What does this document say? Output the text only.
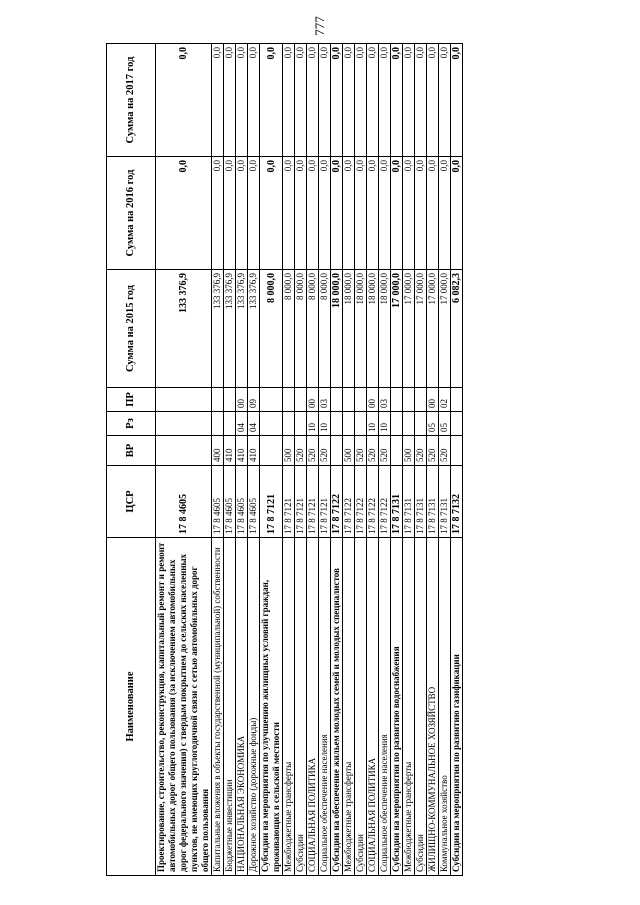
777
Наименование	ЦСР	ВР	Рз	ПР	Сумма на 2015 год	Сумма на 2016 год	Сумма на 2017 год
Проектирование, строительство, реконструкция, капитальный ремонт и ремонт автомобильных дорог общего пользования (за исключением автомобильных дорог федерального значения) с твердым покрытием до сельских населенных пунктов, не имеющих круглогодичной связи с сетью автомобильных дорог общего пользования	17 8 4605				133 376,9	0,0	0,0
Капитальные вложения в объекты государственной (муниципальной) собственности	17 8 4605	400			133 376,9	0,0	0,0
Бюджетные инвестиции	17 8 4605	410			133 376,9	0,0	0,0
НАЦИОНАЛЬНАЯ ЭКОНОМИКА	17 8 4605	410	04	00	133 376,9	0,0	0,0
Дорожное хозяйство (дорожные фонды)	17 8 4605	410	04	09	133 376,9	0,0	0,0
Субсидии на мероприятия по улучшению жилищных условий граждан, проживающих в сельской местности	17 8 7121				8 000,0	0,0	0,0
Межбюджетные трансферты	17 8 7121	500			8 000,0	0,0	0,0
Субсидии	17 8 7121	520			8 000,0	0,0	0,0
СОЦИАЛЬНАЯ ПОЛИТИКА	17 8 7121	520	10	00	8 000,0	0,0	0,0
Социальное обеспечение населения	17 8 7121	520	10	03	8 000,0	0,0	0,0
Субсидии на обеспечение жильем молодых семей и молодых специалистов	17 8 7122				18 000,0	0,0	0,0
Межбюджетные трансферты	17 8 7122	500			18 000,0	0,0	0,0
Субсидии	17 8 7122	520			18 000,0	0,0	0,0
СОЦИАЛЬНАЯ ПОЛИТИКА	17 8 7122	520	10	00	18 000,0	0,0	0,0
Социальное обеспечение населения	17 8 7122	520	10	03	18 000,0	0,0	0,0
Субсидии на мероприятия по развитию водоснабжения	17 8 7131				17 000,0	0,0	0,0
Межбюджетные трансферты	17 8 7131	500			17 000,0	0,0	0,0
Субсидии	17 8 7131	520			17 000,0	0,0	0,0
ЖИЛИЩНО-КОММУНАЛЬНОЕ ХОЗЯЙСТВО	17 8 7131	520	05	00	17 000,0	0,0	0,0
Коммунальное хозяйство	17 8 7131	520	05	02	17 000,0	0,0	0,0
Субсидии на мероприятия по развитию газификации	17 8 7132				6 082,3	0,0	0,0
